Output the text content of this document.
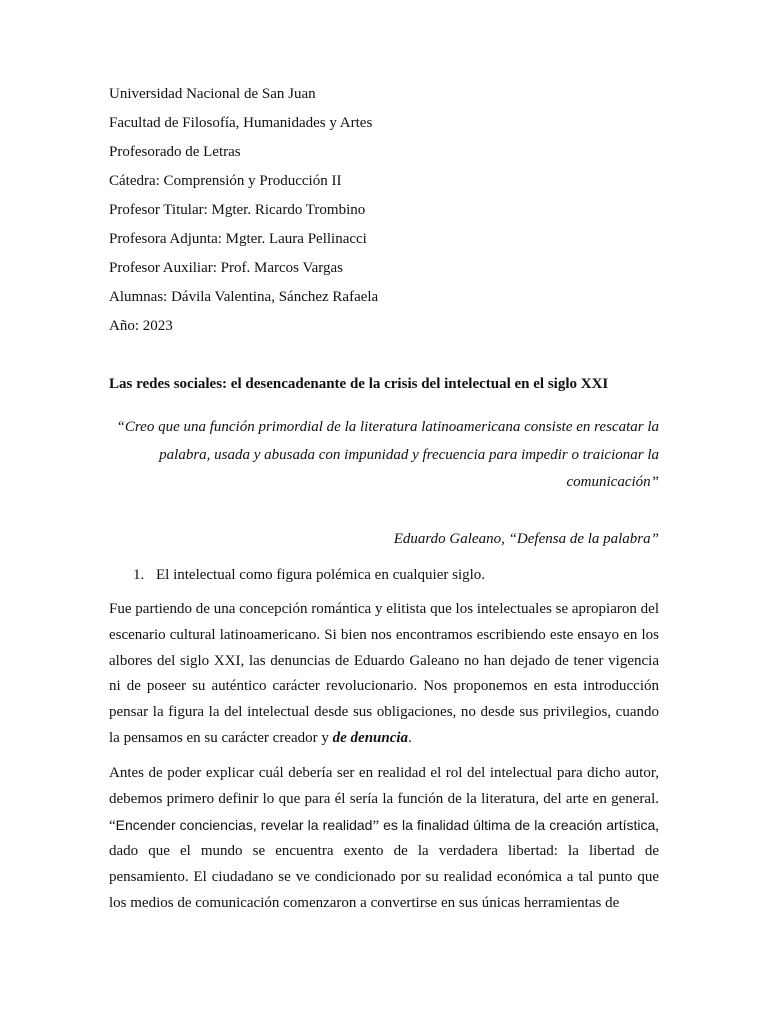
Universidad Nacional de San Juan
Facultad de Filosofía, Humanidades y Artes
Profesorado de Letras
Cátedra: Comprensión y Producción II
Profesor Titular: Mgter. Ricardo Trombino
Profesora Adjunta: Mgter. Laura Pellinacci
Profesor Auxiliar: Prof. Marcos Vargas
Alumnas: Dávila Valentina, Sánchez Rafaela
Año: 2023
Las redes sociales: el desencadenante de la crisis del intelectual en el siglo XXI
“Creo que una función primordial de la literatura latinoamericana consiste en rescatar la palabra, usada y abusada con impunidad y frecuencia para impedir o traicionar la comunicación”
Eduardo Galeano, “Defensa de la palabra”
1. El intelectual como figura polémica en cualquier siglo.
Fue partiendo de una concepción romántica y elitista que los intelectuales se apropiaron del escenario cultural latinoamericano. Si bien nos encontramos escribiendo este ensayo en los albores del siglo XXI, las denuncias de Eduardo Galeano no han dejado de tener vigencia ni de poseer su auténtico carácter revolucionario. Nos proponemos en esta introducción pensar la figura la del intelectual desde sus obligaciones, no desde sus privilegios, cuando la pensamos en su carácter creador y de denuncia.
Antes de poder explicar cuál debería ser en realidad el rol del intelectual para dicho autor, debemos primero definir lo que para él sería la función de la literatura, del arte en general. “Encender conciencias, revelar la realidad” es la finalidad última de la creación artística, dado que el mundo se encuentra exento de la verdadera libertad: la libertad de pensamiento. El ciudadano se ve condicionado por su realidad económica a tal punto que los medios de comunicación comenzaron a convertirse en sus únicas herramientas de
